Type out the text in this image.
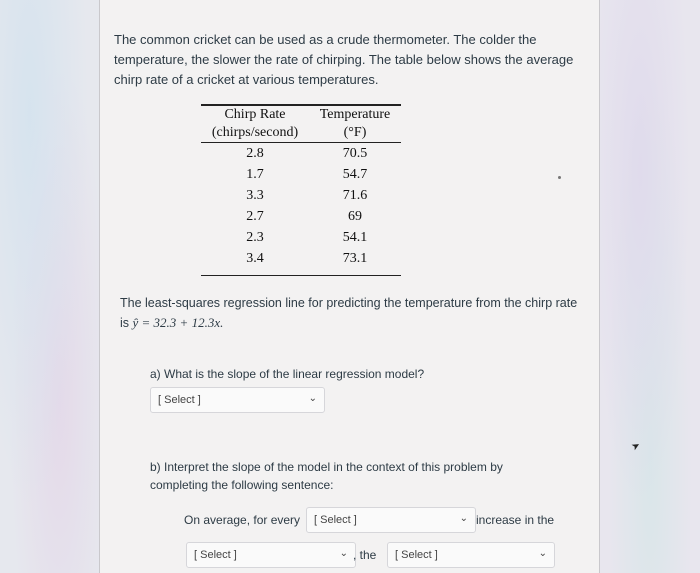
The common cricket can be used as a crude thermometer. The colder the temperature, the slower the rate of chirping. The table below shows the average chirp rate of a cricket at various temperatures.
Chirp Rate	Temperature
(chirps/second)	(°F)
2.8	70.5
1.7	54.7
3.3	71.6
2.7	69
2.3	54.1
3.4	73.1
The least-squares regression line for predicting the temperature from the chirp rate
is ŷ = 32.3 + 12.3x.
a) What is the slope of the linear regression model?
[ Select ]	⌄
b) Interpret the slope of the model in the context of this problem by completing the following sentence:
On average, for every [ Select ]	⌄ increase in the
[ Select ]	⌄ , the [ Select ]	⌄
➤
